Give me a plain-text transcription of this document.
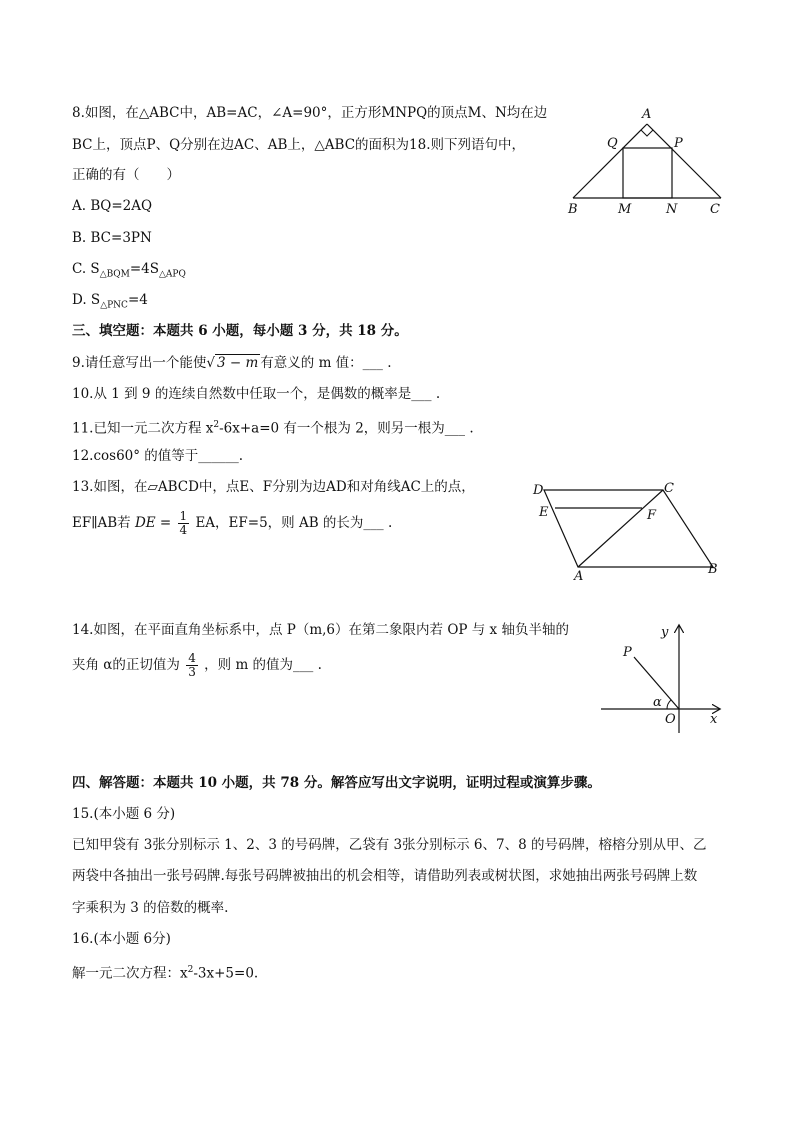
8.如图，在△ABC中，AB=AC，∠A=90°，正方形MNPQ的顶点M、N均在边
BC上，顶点P、Q分别在边AC、AB上，△ABC的面积为18.则下列语句中，
正确的有（　　）
A. BQ=2AQ
B. BC=3PN
C. $S_{\triangle BQM}=4S_{\triangle APQ}$
D. $S_{\triangle PNC}=4$
A
Q	P
B	M	N	C
三、填空题：本题共 6 小题，每小题 3 分，共 18 分。
9.请任意写出一个能使√ 3 − m 有意义的 m 值：___ .
10.从 1 到 9 的连续自然数中任取一个，是偶数的概率是___ .
11.已知一元二次方程 $x^2-6x+a=0$ 有一个根为 2，则另一根为___ .
12.cos60° 的值等于______.
13.如图，在▱ABCD中，点E、F分别为边AD和对角线AC上的点，
EF∥AB若 DE = $\frac{1}{4}$ EA，EF=5，则 AB 的长为___ .
D	C
E	F
A	B
14.如图，在平面直角坐标系中，点 P（m,6）在第二象限内若 OP 与 x 轴负半轴的
夹角 α的正切值为 $\frac{4}{3}$ ，则 m 的值为___ .
y
P
α
O	x
四、解答题：本题共 10 小题，共 78 分。解答应写出文字说明，证明过程或演算步骤。
15.(本小题 6 分)
已知甲袋有 3张分别标示 1、2、3 的号码牌，乙袋有 3张分别标示 6、7、8 的号码牌，榕榕分别从甲、乙
两袋中各抽出一张号码牌.每张号码牌被抽出的机会相等，请借助列表或树状图，求她抽出两张号码牌上数
字乘积为 3 的倍数的概率.
16.(本小题 6分)
解一元二次方程：$x^2-3x+5=0$.
